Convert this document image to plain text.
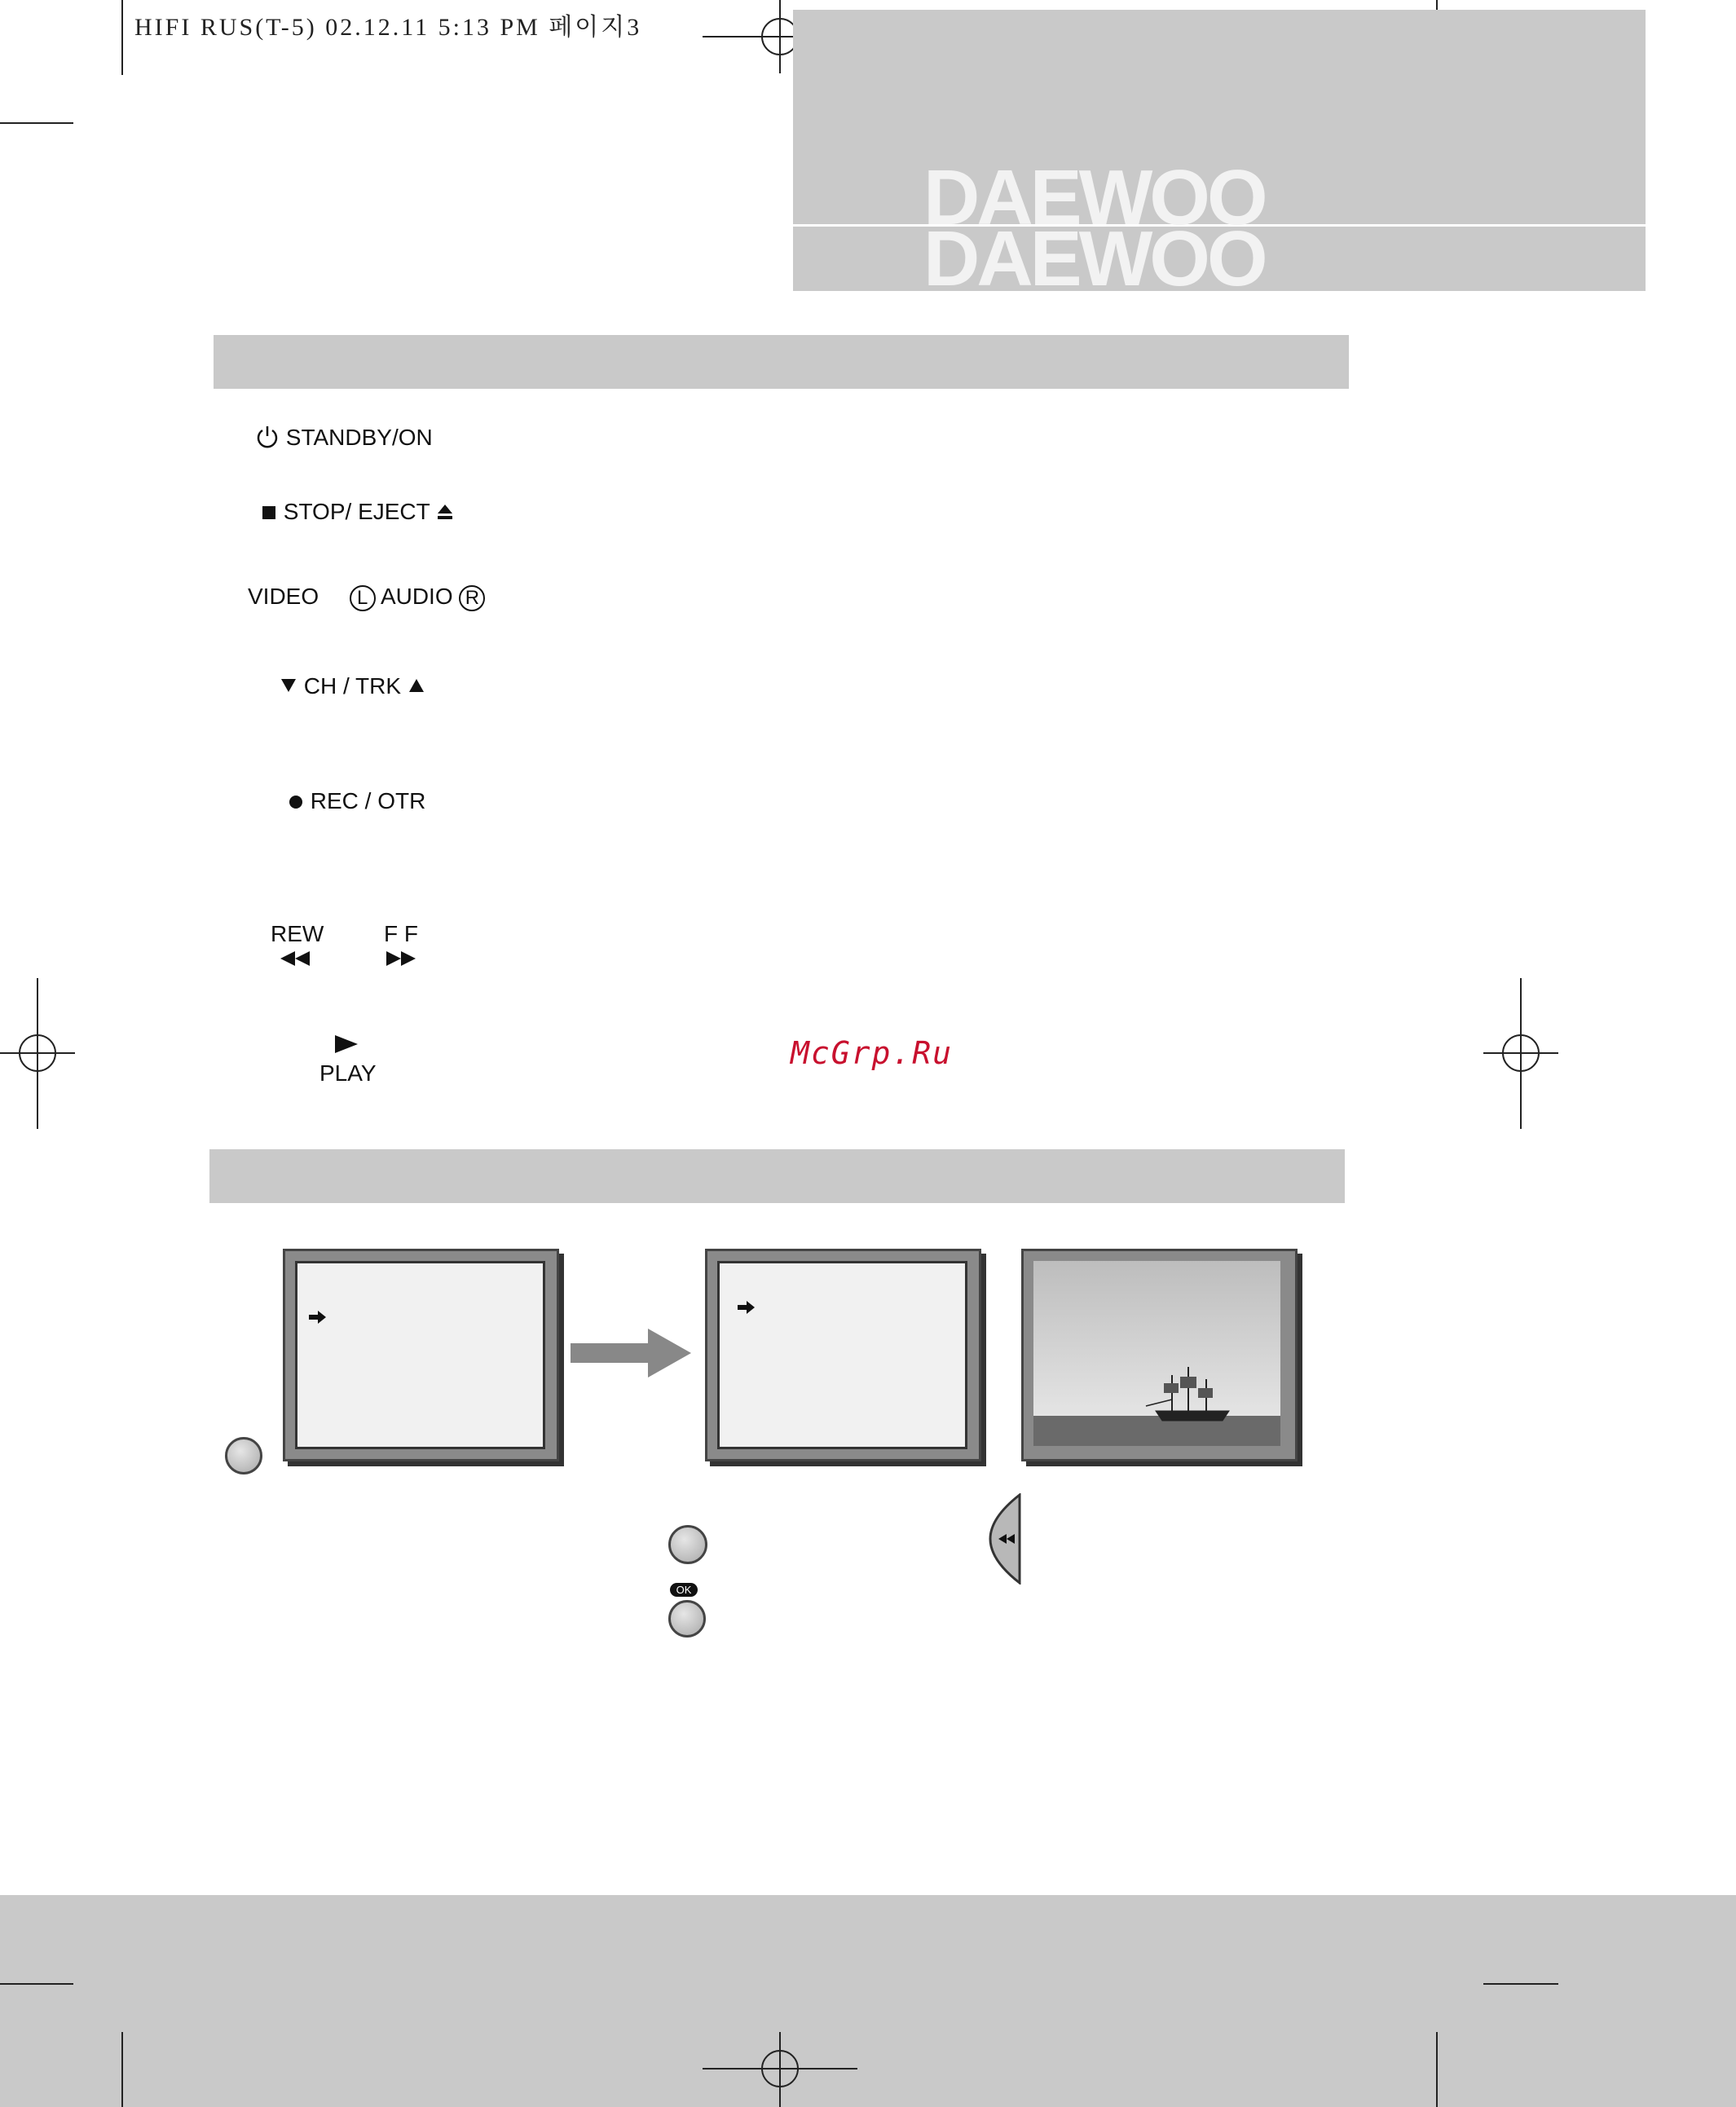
HIFI RUS(T-5) 02.12.11 5:13 PM 페이지3
DAEWOO
DAEWOO
STANDBY/ON
STOP/ EJECT
VIDEO L AUDIO R
CH / TRK
REC / OTR
REW	F F
PLAY
McGrp.Ru
OK
